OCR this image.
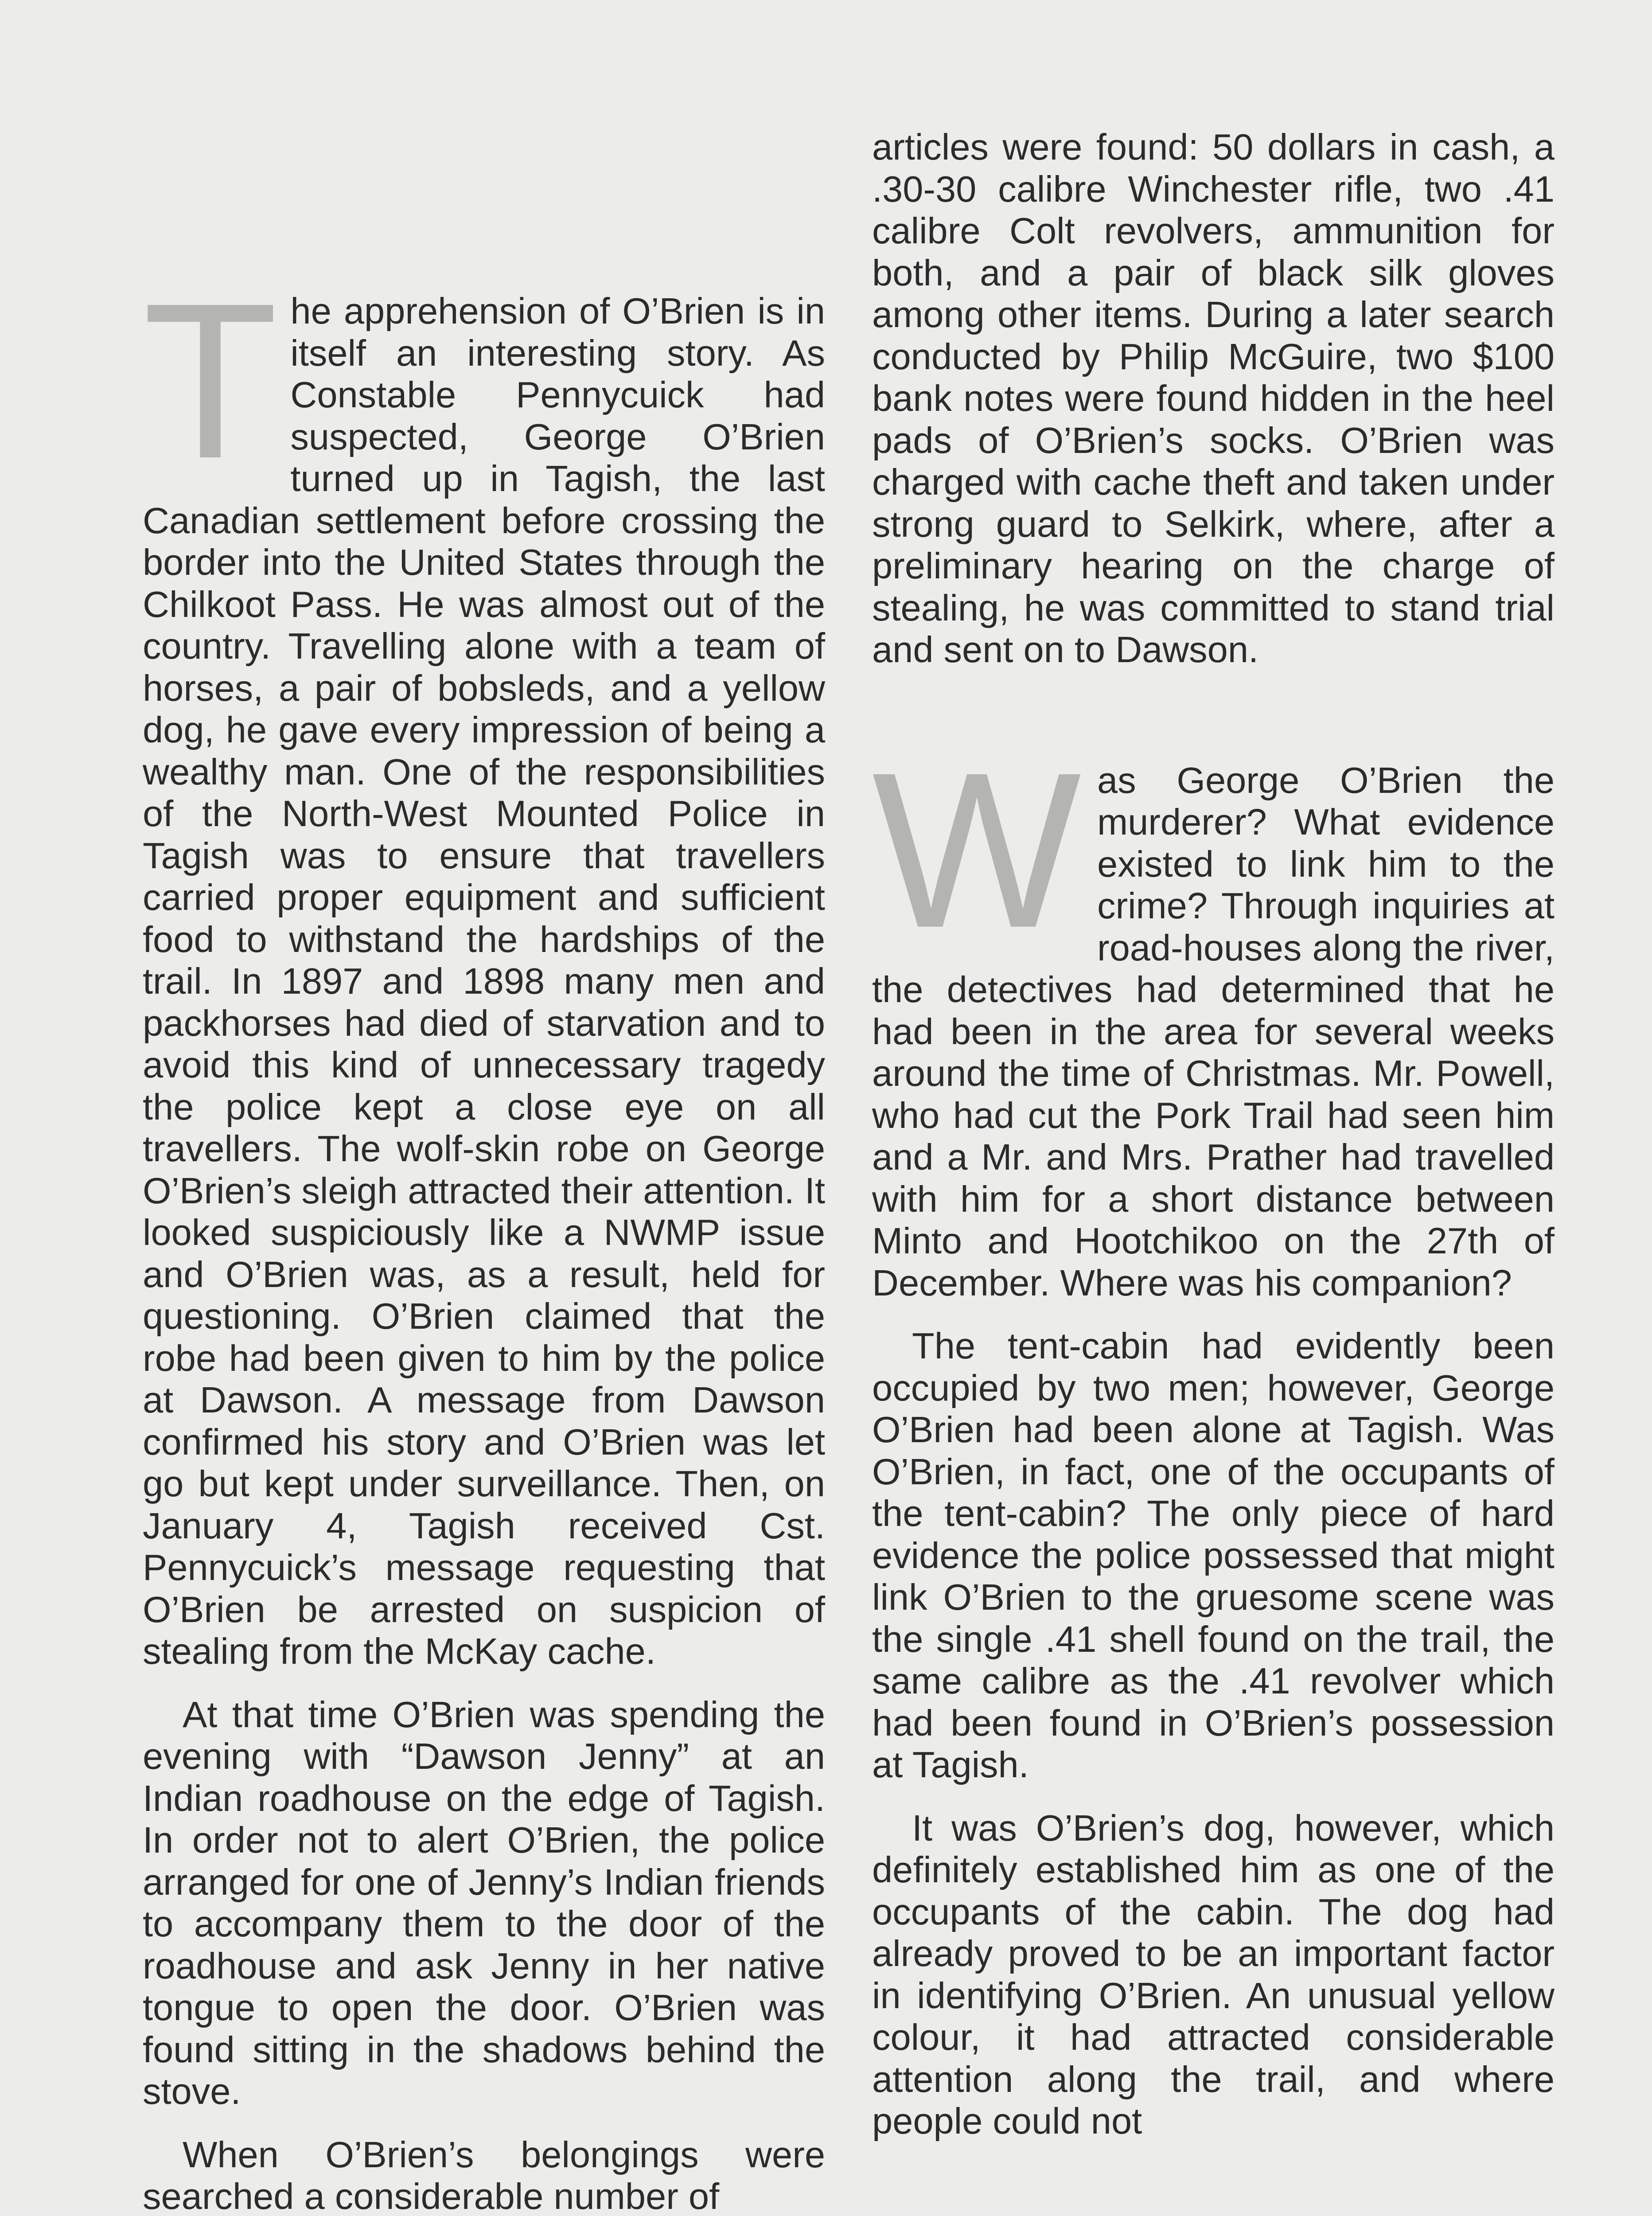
The apprehension of O’Brien is in itself an interesting story. As Constable Pennycuick had suspected, George O’Brien turned up in Tagish, the last Canadian settlement before crossing the border into the United States through the Chilkoot Pass. He was almost out of the country. Travelling alone with a team of horses, a pair of bobsleds, and a yellow dog, he gave every impression of being a wealthy man. One of the responsibilities of the North-West Mounted Police in Tagish was to ensure that travellers carried proper equipment and sufficient food to withstand the hardships of the trail. In 1897 and 1898 many men and packhorses had died of starvation and to avoid this kind of unnecessary tragedy the police kept a close eye on all travellers. The wolf-skin robe on George O’Brien’s sleigh attracted their attention. It looked suspiciously like a NWMP issue and O’Brien was, as a result, held for questioning. O’Brien claimed that the robe had been given to him by the police at Dawson. A message from Dawson confirmed his story and O’Brien was let go but kept under surveillance. Then, on January 4, Tagish received Cst. Pennycuick’s message requesting that O’Brien be arrested on suspicion of stealing from the McKay cache.

At that time O’Brien was spending the evening with “Dawson Jenny” at an Indian roadhouse on the edge of Tagish. In order not to alert O’Brien, the police arranged for one of Jenny’s Indian friends to accompany them to the door of the roadhouse and ask Jenny in her native tongue to open the door. O’Brien was found sitting in the shadows behind the stove.

When O’Brien’s belongings were searched a considerable number of

articles were found: 50 dollars in cash, a .30-30 calibre Winchester rifle, two .41 calibre Colt revolvers, ammunition for both, and a pair of black silk gloves among other items. During a later search conducted by Philip McGuire, two $100 bank notes were found hidden in the heel pads of O’Brien’s socks. O’Brien was charged with cache theft and taken under strong guard to Selkirk, where, after a preliminary hearing on the charge of stealing, he was committed to stand trial and sent on to Dawson.

Was George O’Brien the murderer? What evidence existed to link him to the crime? Through inquiries at road-houses along the river, the detectives had determined that he had been in the area for several weeks around the time of Christmas. Mr. Powell, who had cut the Pork Trail had seen him and a Mr. and Mrs. Prather had travelled with him for a short distance between Minto and Hootchikoo on the 27th of December. Where was his companion?

The tent-cabin had evidently been occupied by two men; however, George O’Brien had been alone at Tagish. Was O’Brien, in fact, one of the occupants of the tent-cabin? The only piece of hard evidence the police possessed that might link O’Brien to the gruesome scene was the single .41 shell found on the trail, the same calibre as the .41 revolver which had been found in O’Brien’s possession at Tagish.

It was O’Brien’s dog, however, which definitely established him as one of the occupants of the cabin. The dog had already proved to be an important factor in identifying O’Brien. An unusual yellow colour, it had attracted considerable attention along the trail, and where people could not
